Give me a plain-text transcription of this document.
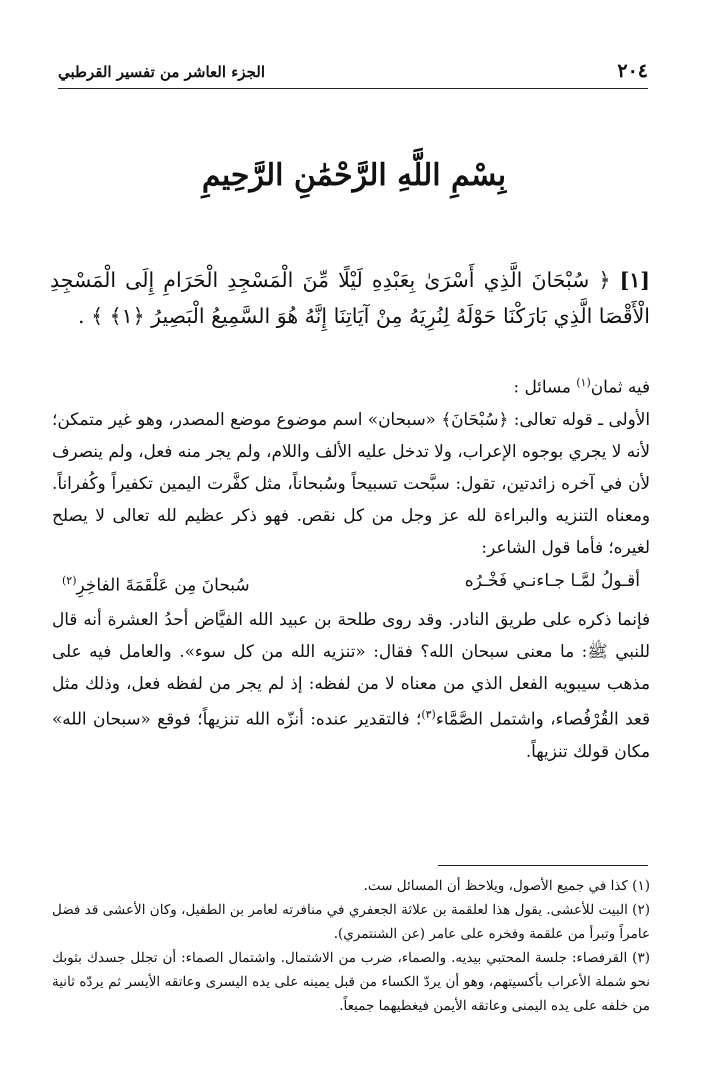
٢٠٤
الجزء العاشر من تفسير القرطبي
بِسْمِ اللَّهِ الرَّحْمَٰنِ الرَّحِيمِ
[١] ﴿ سُبْحَانَ الَّذِي أَسْرَىٰ بِعَبْدِهِ لَيْلًا مِّنَ الْمَسْجِدِ الْحَرَامِ إِلَى الْمَسْجِدِ الْأَقْصَا الَّذِي بَارَكْنَا حَوْلَهُ لِنُرِيَهُ مِنْ آيَاتِنَا إِنَّهُ هُوَ السَّمِيعُ الْبَصِيرُ ﴿١﴾ ﴾ .

فيه ثمان$^{(١)}$ مسائل :

الأولى ـ قوله تعالى: ﴿سُبْحَانَ﴾ «سبحان» اسم موضوع موضع المصدر، وهو غير متمكن؛ لأنه لا يجري بوجوه الإعراب، ولا تدخل عليه الألف واللام، ولم يجر منه فعل، ولم ينصرف لأن في آخره زائدتين، تقول: سبَّحت تسبيحاً وسُبحاناً، مثل كفَّرت اليمين تكفيراً وكُفراناً. ومعناه التنزيه والبراءة لله عز وجل من كل نقص. فهو ذكر عظيم لله تعالى لا يصلح لغيره؛ فأما قول الشاعر:

أقـولُ لمَّـا جـاءنـي فَخْـرُه
سُبحانَ مِن عَلْقَمَةَ الفاخِرِ$^{(٢)}$

فإنما ذكره على طريق النادر. وقد روى طلحة بن عبيد الله الفيَّاض أحدُ العشرة أنه قال للنبي ﷺ: ما معنى سبحان الله؟ فقال: «تنزيه الله من كل سوء». والعامل فيه على مذهب سيبويه الفعل الذي من معناه لا من لفظه: إذ لم يجر من لفظه فعل، وذلك مثل قعد القُرْفُصاء، واشتمل الصَّمَّاء$^{(٣)}$؛ فالتقدير عنده: أنزّه الله تنزيهاً؛ فوقع «سبحان الله» مكان قولك تنزيهاً.

(١) كذا في جميع الأصول، ويلاحظ أن المسائل ست.

(٢) البيت للأعشى. يقول هذا لعلقمة بن علاثة الجعفري في منافرته لعامر بن الطفيل، وكان الأعشى قد فضل عامراً وتبرأ من علقمة وفخره على عامر (عن الشنتمري).

(٣) القرفصاء: جلسة المحتبي بيديه. والصماء، ضرب من الاشتمال. واشتمال الصماء: أن تجلل جسدك بثوبك نحو شملة الأعراب بأكسيتهم، وهو أن يردّ الكساء من قبل يمينه على يده اليسرى وعاتقه الأيسر ثم يردّه ثانية من خلفه على يده اليمنى وعاتقه الأيمن فيغطيهما جميعاً.
